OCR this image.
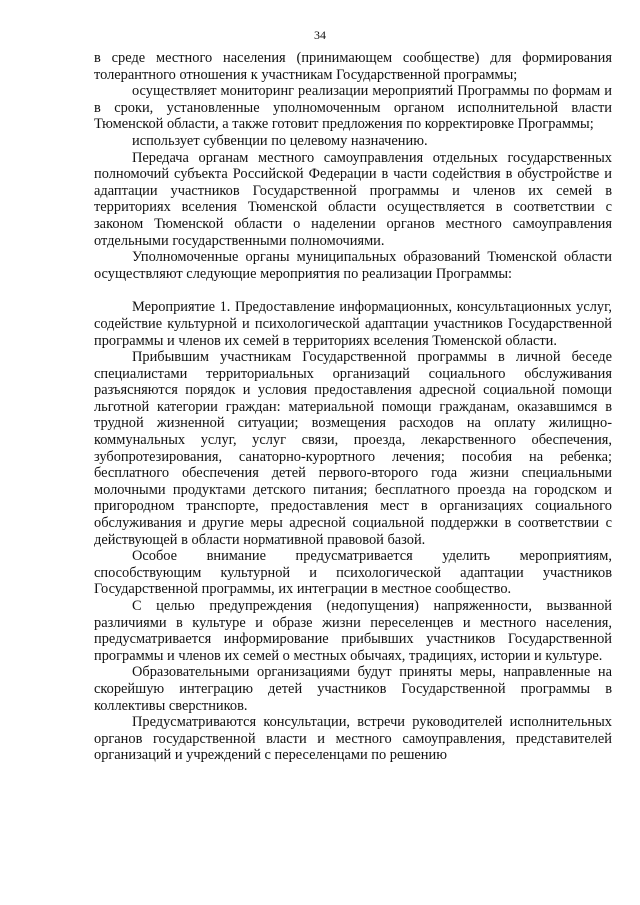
34

в среде местного населения (принимающем сообществе) для формирования толерантного отношения к участникам Государственной программы;

осуществляет мониторинг реализации мероприятий Программы по формам и в сроки, установленные уполномоченным органом исполнительной власти Тюменской области, а также готовит предложения по корректировке Программы;

использует субвенции по целевому назначению.

Передача органам местного самоуправления отдельных государственных полномочий субъекта Российской Федерации в части содействия в обустройстве и адаптации участников Государственной программы и членов их семей в территориях вселения Тюменской области осуществляется в соответствии с законом Тюменской области о наделении органов местного самоуправления отдельными государственными полномочиями.

Уполномоченные органы муниципальных образований Тюменской области осуществляют следующие мероприятия по реализации Программы:

Мероприятие 1. Предоставление информационных, консультационных услуг, содействие культурной и психологической адаптации участников Государственной программы и членов их семей в территориях вселения Тюменской области.

Прибывшим участникам Государственной программы в личной беседе специалистами территориальных организаций социального обслуживания разъясняются порядок и условия предоставления адресной социальной помощи льготной категории граждан: материальной помощи гражданам, оказавшимся в трудной жизненной ситуации; возмещения расходов на оплату жилищно-коммунальных услуг, услуг связи, проезда, лекарственного обеспечения, зубопротезирования, санаторно-курортного лечения; пособия на ребенка; бесплатного обеспечения детей первого-второго года жизни специальными молочными продуктами детского питания; бесплатного проезда на городском и пригородном транспорте, предоставления мест в организациях социального обслуживания и другие меры адресной социальной поддержки в соответствии с действующей в области нормативной правовой базой.

Особое внимание предусматривается уделить мероприятиям, способствующим культурной и психологической адаптации участников Государственной программы, их интеграции в местное сообщество.

С целью предупреждения (недопущения) напряженности, вызванной различиями в культуре и образе жизни переселенцев и местного населения, предусматривается информирование прибывших участников Государственной программы и членов их семей о местных обычаях, традициях, истории и культуре.

Образовательными организациями будут приняты меры, направленные на скорейшую интеграцию детей участников Государственной программы в коллективы сверстников.

Предусматриваются консультации, встречи руководителей исполнительных органов государственной власти и местного самоуправления, представителей организаций и учреждений с переселенцами по решению
